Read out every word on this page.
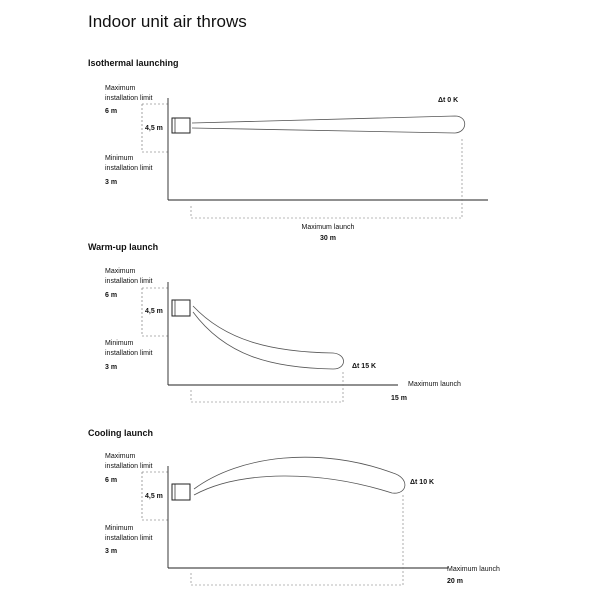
Indoor unit air throws
Isothermal launching
Maximum
installation limit
6 m
4,5 m
Minimum
installation limit
3 m
Δt 0 K
Maximum launch
30 m
Warm-up launch
Maximum
installation limit
6 m
4,5 m
Minimum
installation limit
3 m	Δt 15 K
Maximum launch
15 m
Cooling launch
Maximum
installation limit
6 m
4,5 m
Minimum
installation limit
3 m
Δt 10 K
Maximum launch
20 m
